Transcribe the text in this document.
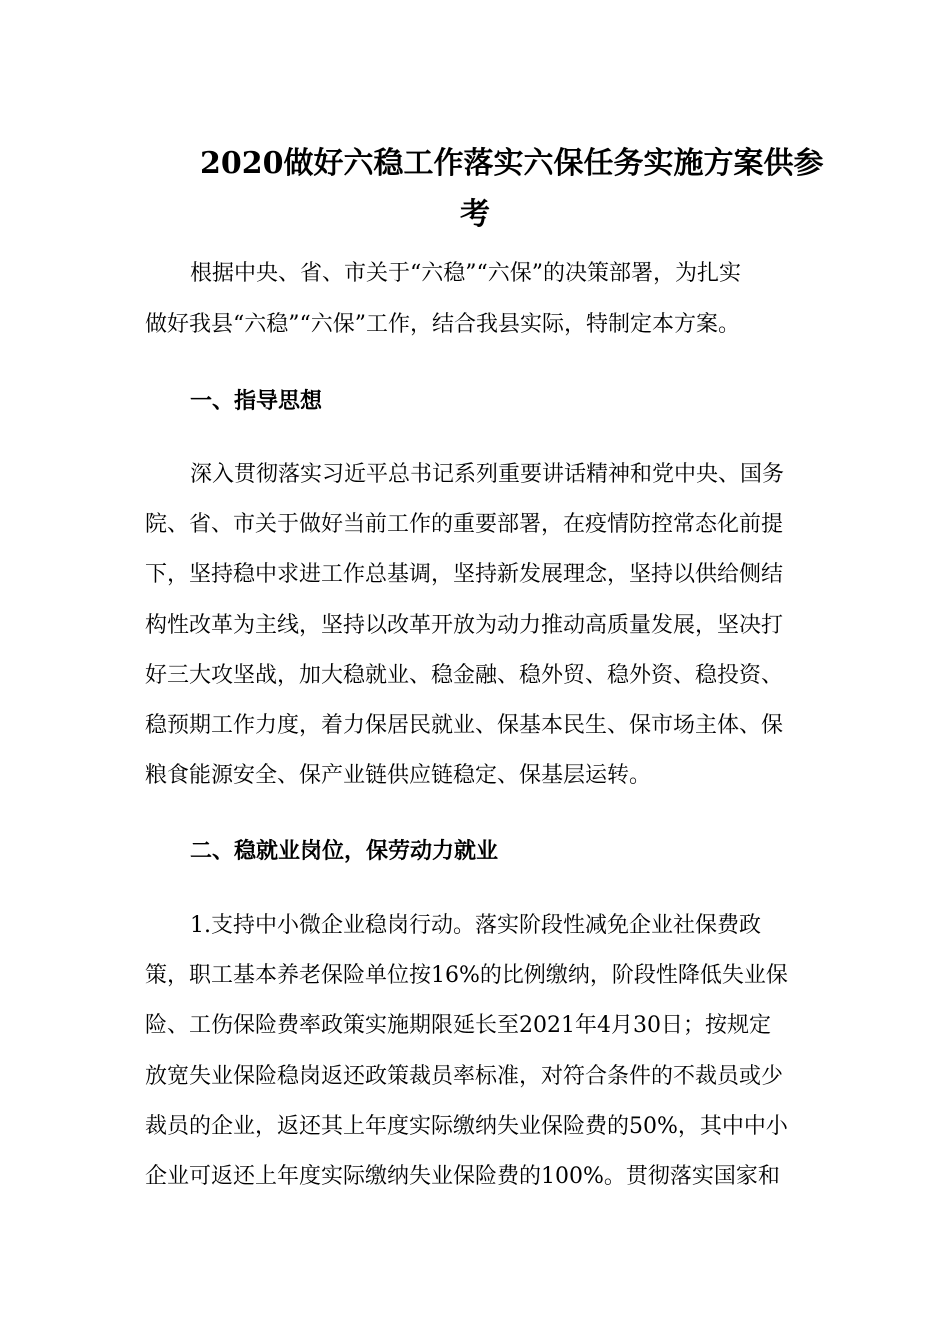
2020做好六稳工作落实六保任务实施方案供参
考
根据中央、省、市关于“六稳”“六保”的决策部署，为扎实
做好我县“六稳”“六保”工作，结合我县实际，特制定本方案。
一、指导思想
深入贯彻落实习近平总书记系列重要讲话精神和党中央、国务
院、省、市关于做好当前工作的重要部署，在疫情防控常态化前提
下，坚持稳中求进工作总基调，坚持新发展理念，坚持以供给侧结
构性改革为主线，坚持以改革开放为动力推动高质量发展，坚决打
好三大攻坚战，加大稳就业、稳金融、稳外贸、稳外资、稳投资、
稳预期工作力度，着力保居民就业、保基本民生、保市场主体、保
粮食能源安全、保产业链供应链稳定、保基层运转。
二、稳就业岗位，保劳动力就业
1.支持中小微企业稳岗行动。落实阶段性减免企业社保费政
策，职工基本养老保险单位按16%的比例缴纳，阶段性降低失业保
险、工伤保险费率政策实施期限延长至2021年4月30日；按规定
放宽失业保险稳岗返还政策裁员率标准，对符合条件的不裁员或少
裁员的企业，返还其上年度实际缴纳失业保险费的50%，其中中小
企业可返还上年度实际缴纳失业保险费的100%。贯彻落实国家和
